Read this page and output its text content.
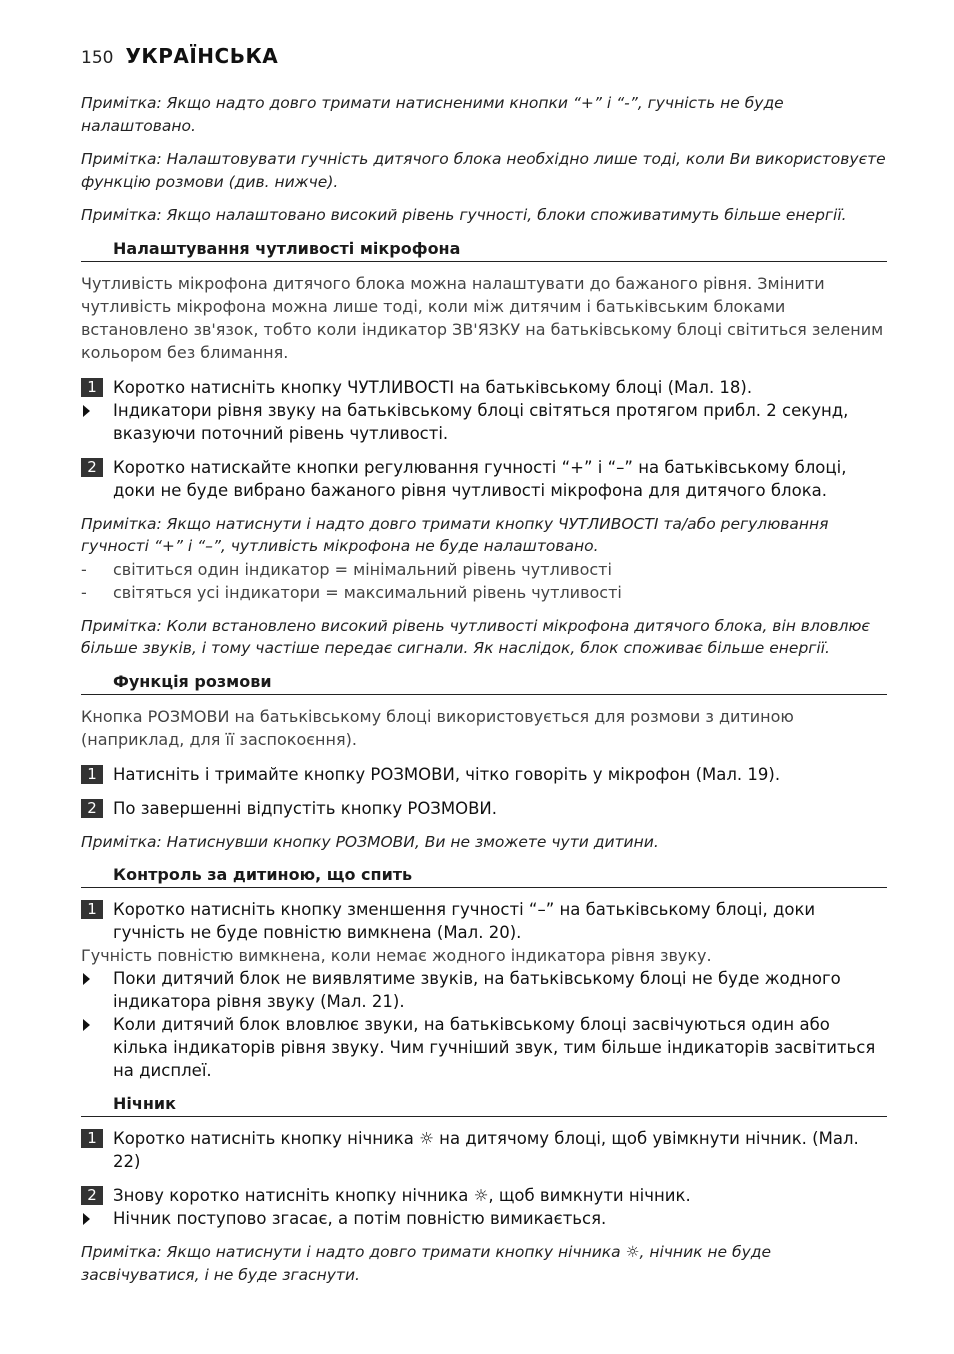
150 УКРАЇНСЬКА

Примітка: Якщо надто довго тримати натисненими кнопки “+” і “-”, гучність не буде налаштовано.

Примітка: Налаштовувати гучність дитячого блока необхідно лише тоді, коли Ви використовуєте функцію розмови (див. нижче).

Примітка: Якщо налаштовано високий рівень гучності, блоки споживатимуть більше енергії.

Налаштування чутливості мікрофона

Чутливість мікрофона дитячого блока можна налаштувати до бажаного рівня. Змінити чутливість мікрофона можна лише тоді, коли між дитячим і батьківським блоками встановлено зв'язок, тобто коли індикатор ЗВ'ЯЗКУ на батьківському блоці світиться зеленим кольором без блимання.

1 Коротко натисніть кнопку ЧУТЛИВОСТІ на батьківському блоці (Мал. 18).
Індикатори рівня звуку на батьківському блоці світяться протягом прибл. 2 секунд, вказуючи поточний рівень чутливості.
2 Коротко натискайте кнопки регулювання гучності “+” і “–” на батьківському блоці, доки не буде вибрано бажаного рівня чутливості мікрофона для дитячого блока.

Примітка: Якщо натиснути і надто довго тримати кнопку ЧУТЛИВОСТІ та/або регулювання гучності “+” і “–”, чутливість мікрофона не буде налаштовано.

-	світиться один індикатор = мінімальний рівень чутливості
-	світяться усі індикатори = максимальний рівень чутливості

Примітка: Коли встановлено високий рівень чутливості мікрофона дитячого блока, він вловлює більше звуків, і тому частіше передає сигнали. Як наслідок, блок споживає більше енергії.

Функція розмови

Кнопка РОЗМОВИ на батьківському блоці використовується для розмови з дитиною (наприклад, для її заспокоєння).

1 Натисніть і тримайте кнопку РОЗМОВИ, чітко говоріть у мікрофон (Мал. 19).
2 По завершенні відпустіть кнопку РОЗМОВИ.

Примітка: Натиснувши кнопку РОЗМОВИ, Ви не зможете чути дитини.

Контроль за дитиною, що спить
1 Коротко натисніть кнопку зменшення гучності “–” на батьківському блоці, доки гучність не буде повністю вимкнена (Мал. 20).

Гучність повністю вимкнена, коли немає жодного індикатора рівня звуку.

Поки дитячий блок не виявлятиме звуків, на батьківському блоці не буде жодного індикатора рівня звуку (Мал. 21).
Коли дитячий блок вловлює звуки, на батьківському блоці засвічуються один або кілька індикаторів рівня звуку. Чим гучніший звук, тим більше індикаторів засвітиться на дисплеї.
Нічник
1 Коротко натисніть кнопку нічника ☼ на дитячому блоці, щоб увімкнути нічник. (Мал. 22)
2 Знову коротко натисніть кнопку нічника ☼, щоб вимкнути нічник.
Нічник поступово згасає, а потім повністю вимикається.

Примітка: Якщо натиснути і надто довго тримати кнопку нічника ☼, нічник не буде засвічуватися, і не буде згаснути.
